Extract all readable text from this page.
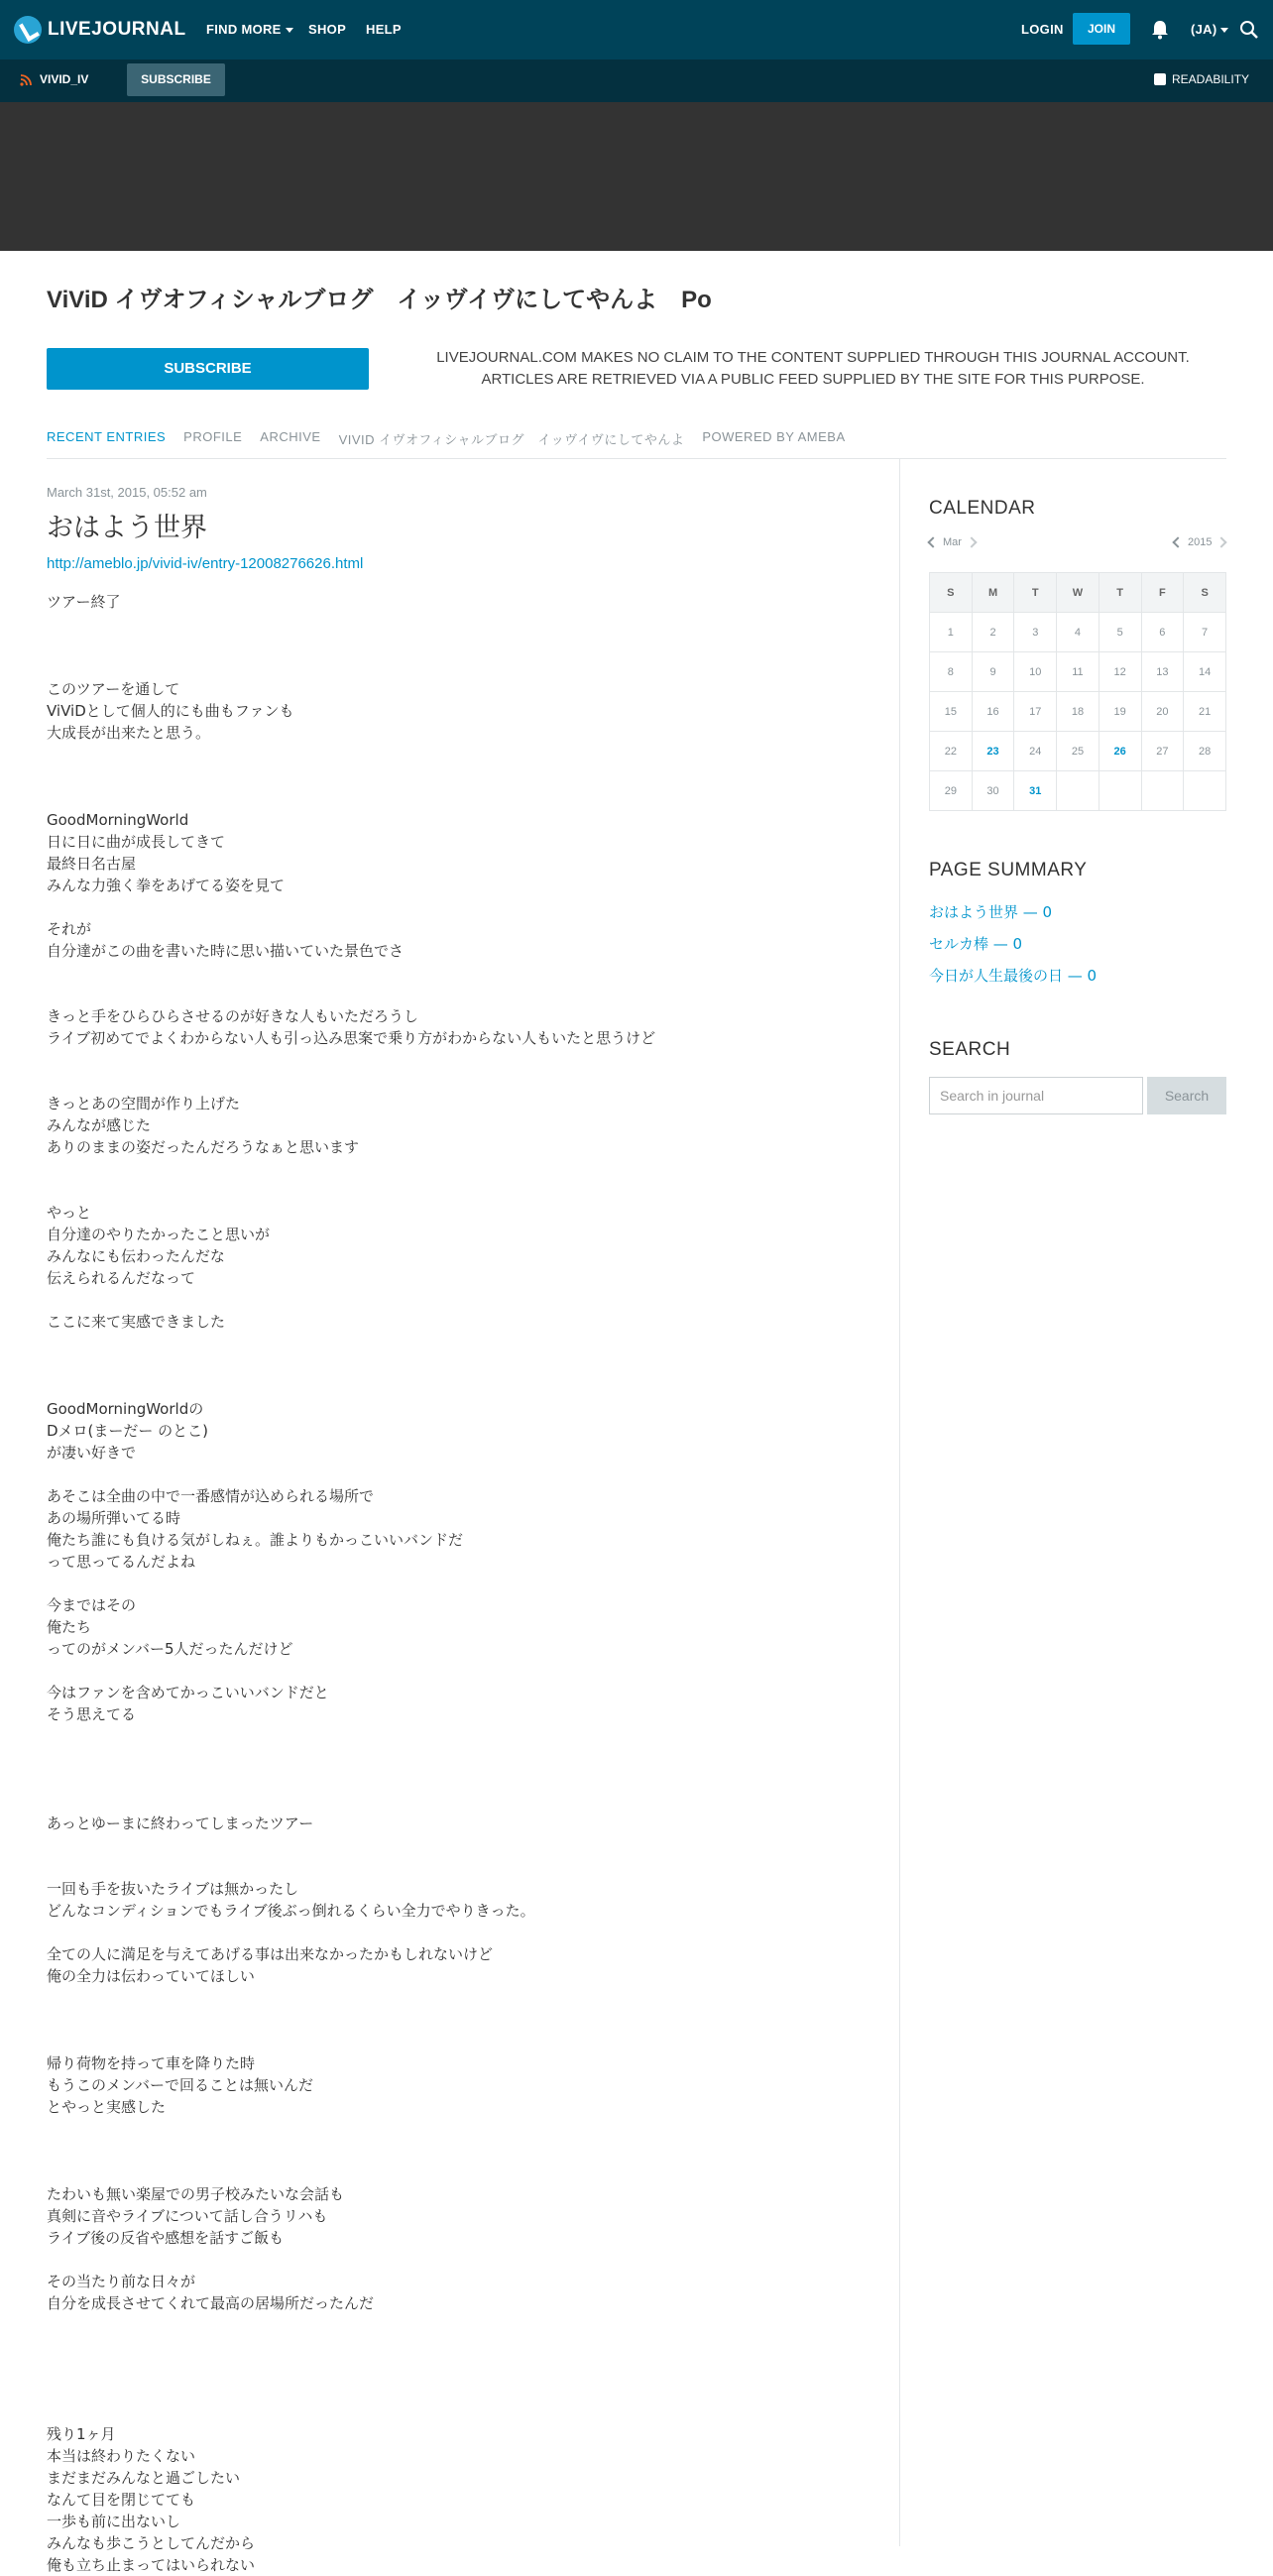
LIVEJOURNAL FIND MORE	SHOP HELP	LOGIN	JOIN	(JA)
VIVID_IV	SUBSCRIBE	READABILITY
ViViD イヴオフィシャルブログ　イッヴイヴにしてやんよ　Po
SUBSCRIBE
LIVEJOURNAL.COM MAKES NO CLAIM TO THE CONTENT SUPPLIED THROUGH THIS JOURNAL ACCOUNT.
ARTICLES ARE RETRIEVED VIA A PUBLIC FEED SUPPLIED BY THE SITE FOR THIS PURPOSE.
RECENT ENTRIES PROFILE ARCHIVE VIVID イヴオフィシャルブログ　イッヴイヴにしてやんよ POWERED BY AMEBA
March 31st, 2015, 05:52 am
おはよう世界
http://ameblo.jp/vivid-iv/entry-12008276626.html

ツアー終了

このツアーを通して

ViViDとして個人的にも曲もファンも

大成長が出来たと思う。

GoodMorningWorld

日に日に曲が成長してきて

最終日名古屋

みんな力強く拳をあげてる姿を見て

それが

自分達がこの曲を書いた時に思い描いていた景色でさ

きっと手をひらひらさせるのが好きな人もいただろうし

ライブ初めてでよくわからない人も引っ込み思案で乗り方がわからない人もいたと思うけど

きっとあの空間が作り上げた

みんなが感じた

ありのままの姿だったんだろうなぁと思います

やっと

自分達のやりたかったこと思いが

みんなにも伝わったんだな

伝えられるんだなって

ここに来て実感できました

GoodMorningWorldの

Dメロ(まーだー のとこ)

が凄い好きで

あそこは全曲の中で一番感情が込められる場所で

あの場所弾いてる時

俺たち誰にも負ける気がしねぇ。誰よりもかっこいいバンドだ

って思ってるんだよね

今まではその

俺たち

ってのがメンバー5人だったんだけど

今はファンを含めてかっこいいバンドだと

そう思えてる

あっとゆーまに終わってしまったツアー

一回も手を抜いたライブは無かったし

どんなコンディションでもライブ後ぶっ倒れるくらい全力でやりきった。

全ての人に満足を与えてあげる事は出来なかったかもしれないけど

俺の全力は伝わっていてほしい

帰り荷物を持って車を降りた時

もうこのメンバーで回ることは無いんだ

とやっと実感した

たわいも無い楽屋での男子校みたいな会話も

真剣に音やライブについて話し合うリハも

ライブ後の反省や感想を話すご飯も

その当たり前な日々が

自分を成長させてくれて最高の居場所だったんだ

残り1ヶ月

本当は終わりたくない

まだまだみんなと過ごしたい

なんて目を閉じてても

一歩も前に出ないし

みんなも歩こうとしてんだから

俺も立ち止まってはいられない

CALENDAR
Mar	2015
S	M	T	W	T	F	S
1	2	3	4	5	6	7
8	9	10	11	12	13	14
15	16	17	18	19	20	21
22	23	24	25	26	27	28
29	30	31				
PAGE SUMMARY
おはよう世界 — 0
セルカ棒 — 0
今日が人生最後の日 — 0
SEARCH
Search in journal	Search
